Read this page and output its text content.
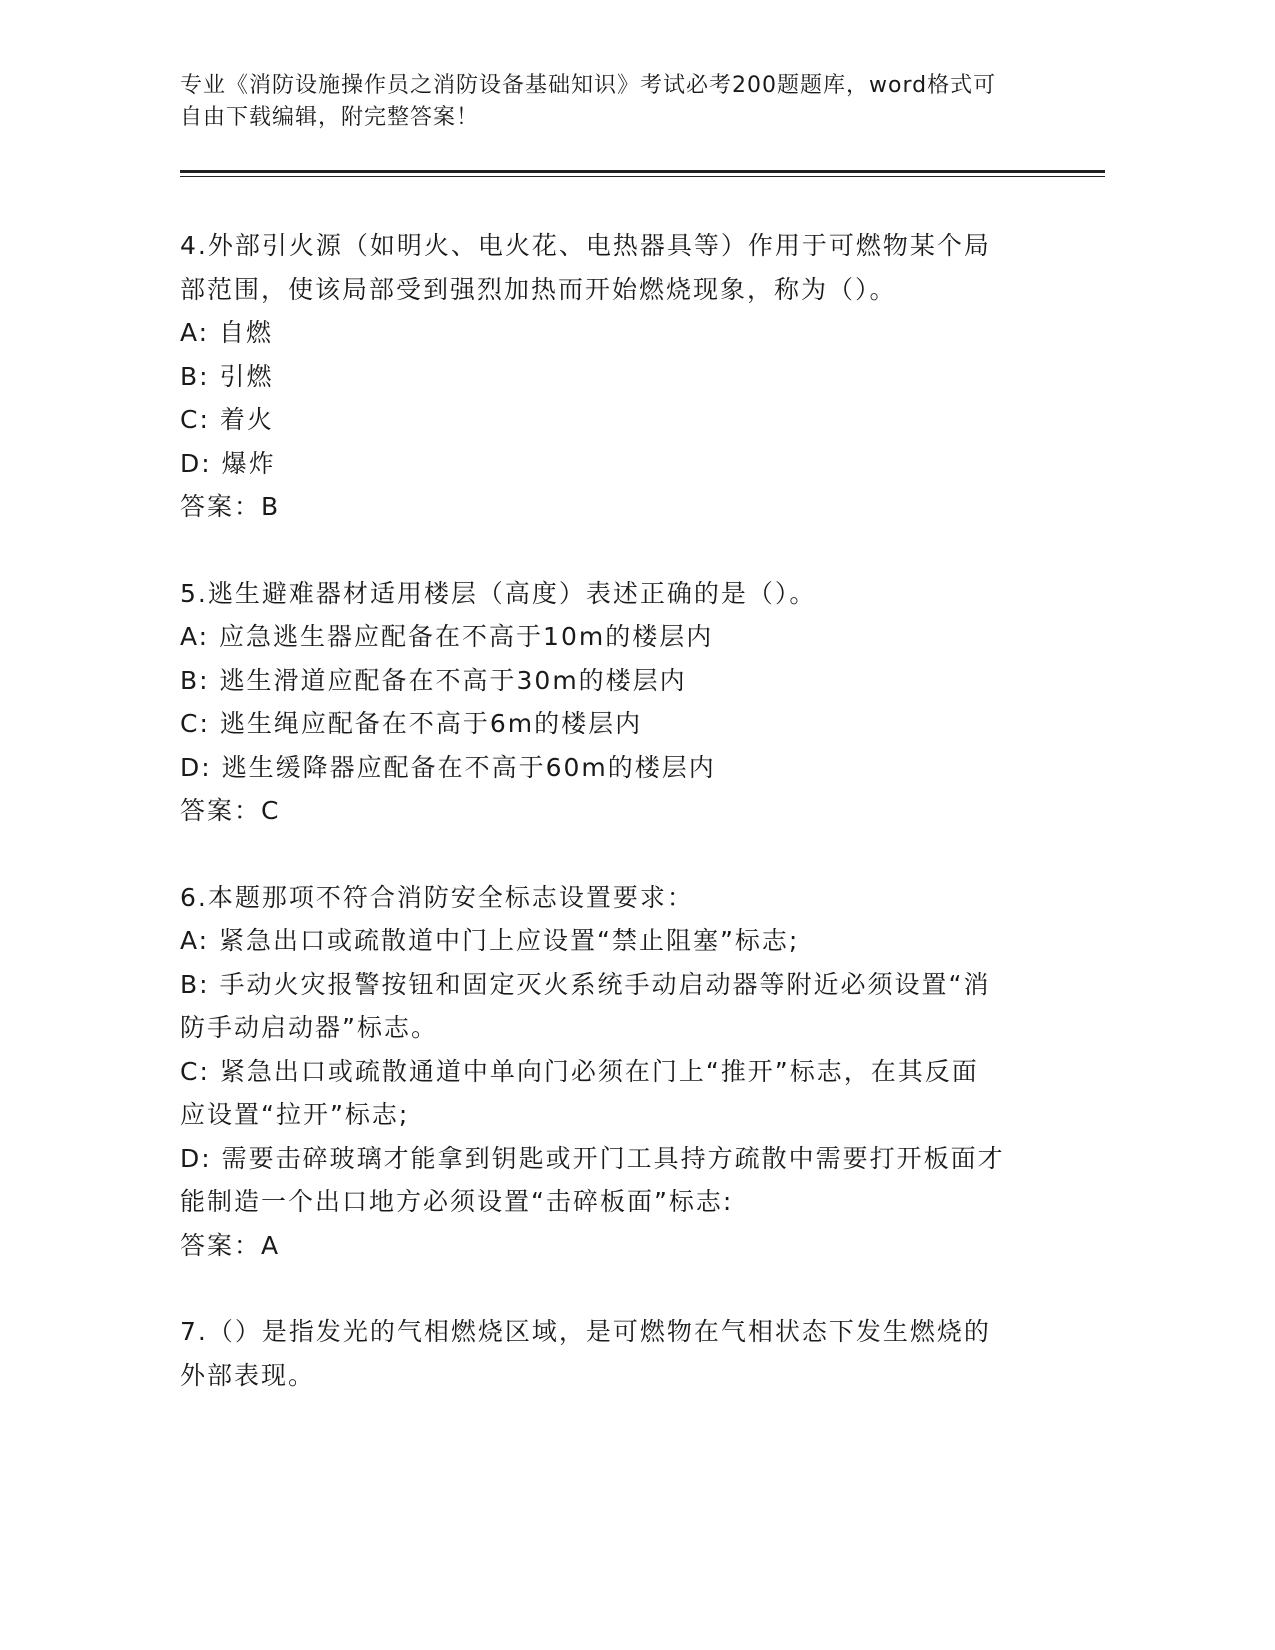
专业《消防设施操作员之消防设备基础知识》考试必考200题题库，word格式可
自由下载编辑，附完整答案！
4.外部引火源（如明火、电火花、电热器具等）作用于可燃物某个局
部范围，使该局部受到强烈加热而开始燃烧现象，称为（）。
A: 自燃
B: 引燃
C: 着火
D: 爆炸
答案：B
5.逃生避难器材适用楼层（高度）表述正确的是（）。
A: 应急逃生器应配备在不高于10m的楼层内
B: 逃生滑道应配备在不高于30m的楼层内
C: 逃生绳应配备在不高于6m的楼层内
D: 逃生缓降器应配备在不高于60m的楼层内
答案：C
6.本题那项不符合消防安全标志设置要求：
A: 紧急出口或疏散道中门上应设置“禁止阻塞”标志;
B: 手动火灾报警按钮和固定灭火系统手动启动器等附近必须设置“消
防手动启动器”标志。
C: 紧急出口或疏散通道中单向门必须在门上“推开”标志，在其反面
应设置“拉开”标志;
D: 需要击碎玻璃才能拿到钥匙或开门工具持方疏散中需要打开板面才
能制造一个出口地方必须设置“击碎板面”标志:
答案：A
7.（）是指发光的气相燃烧区域，是可燃物在气相状态下发生燃烧的
外部表现。
